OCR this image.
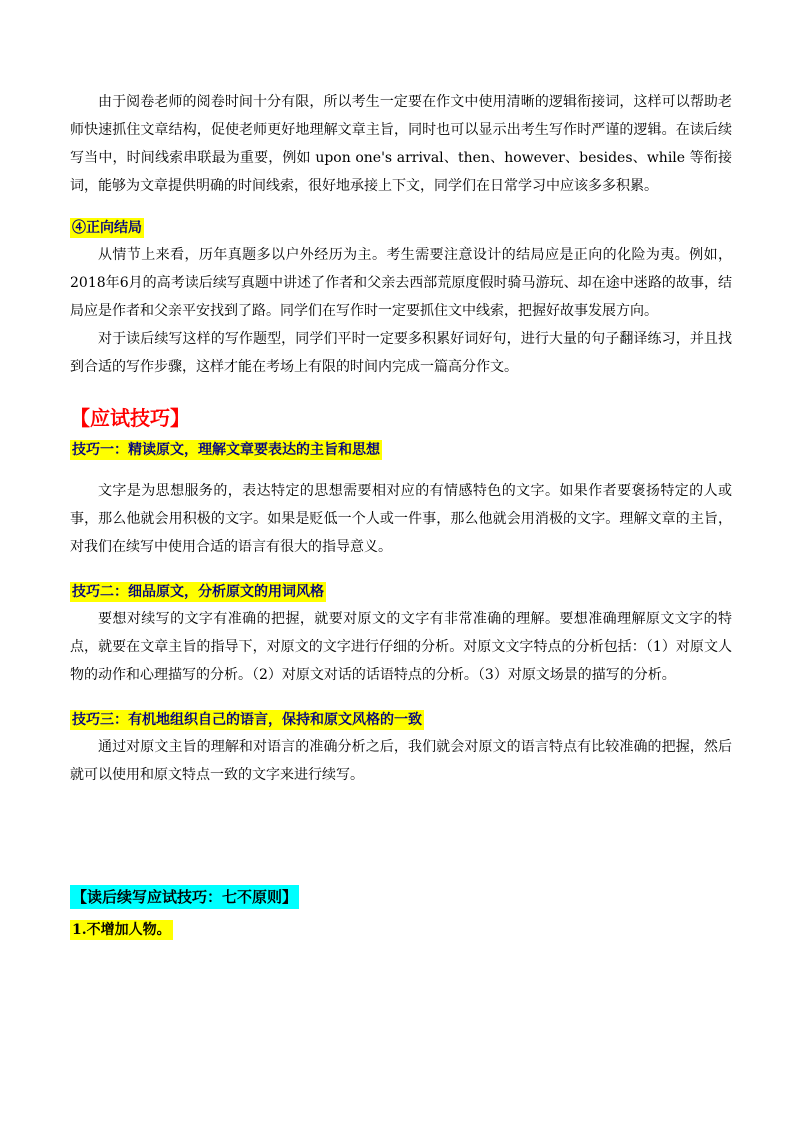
由于阅卷老师的阅卷时间十分有限，所以考生一定要在作文中使用清晰的逻辑衔接词，这样可以帮助老师快速抓住文章结构，促使老师更好地理解文章主旨，同时也可以显示出考生写作时严谨的逻辑。在读后续写当中，时间线索串联最为重要，例如 upon one's arrival、then、however、besides、while 等衔接词，能够为文章提供明确的时间线索，很好地承接上下文，同学们在日常学习中应该多多积累。

④正向结局

从情节上来看，历年真题多以户外经历为主。考生需要注意设计的结局应是正向的化险为夷。例如，2018年6月的高考读后续写真题中讲述了作者和父亲去西部荒原度假时骑马游玩、却在途中迷路的故事，结局应是作者和父亲平安找到了路。同学们在写作时一定要抓住文中线索，把握好故事发展方向。

对于读后续写这样的写作题型，同学们平时一定要多积累好词好句，进行大量的句子翻译练习，并且找到合适的写作步骤，这样才能在考场上有限的时间内完成一篇高分作文。

【应试技巧】
技巧一：精读原文，理解文章要表达的主旨和思想

文字是为思想服务的，表达特定的思想需要相对应的有情感特色的文字。如果作者要褒扬特定的人或事，那么他就会用积极的文字。如果是贬低一个人或一件事，那么他就会用消极的文字。理解文章的主旨，对我们在续写中使用合适的语言有很大的指导意义。

技巧二：细品原文，分析原文的用词风格

要想对续写的文字有准确的把握，就要对原文的文字有非常准确的理解。要想准确理解原文文字的特点，就要在文章主旨的指导下，对原文的文字进行仔细的分析。对原文文字特点的分析包括：（1）对原文人物的动作和心理描写的分析。（2）对原文对话的话语特点的分析。（3）对原文场景的描写的分析。

技巧三：有机地组织自己的语言，保持和原文风格的一致

通过对原文主旨的理解和对语言的准确分析之后，我们就会对原文的语言特点有比较准确的把握，然后就可以使用和原文特点一致的文字来进行续写。

【读后续写应试技巧：七不原则】
1.不增加人物。
